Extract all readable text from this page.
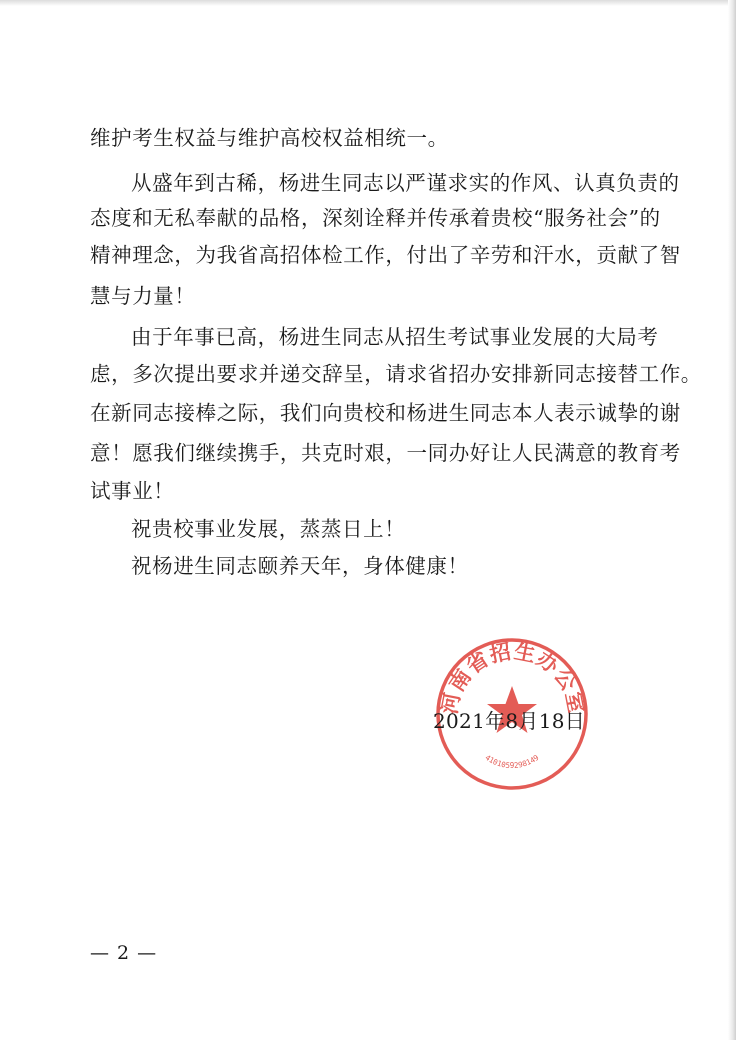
维护考生权益与维护高校权益相统一。
从盛年到古稀，杨进生同志以严谨求实的作风、认真负责的
态度和无私奉献的品格，深刻诠释并传承着贵校“服务社会”的
精神理念，为我省高招体检工作，付出了辛劳和汗水，贡献了智
慧与力量！
由于年事已高，杨进生同志从招生考试事业发展的大局考
虑，多次提出要求并递交辞呈，请求省招办安排新同志接替工作。
在新同志接棒之际，我们向贵校和杨进生同志本人表示诚挚的谢
意！愿我们继续携手，共克时艰，一同办好让人民满意的教育考
试事业！
祝贵校事业发展，蒸蒸日上！
祝杨进生同志颐养天年，身体健康！
河南省招生办公室
4101059298149
2021年8月18日
— 2 —
